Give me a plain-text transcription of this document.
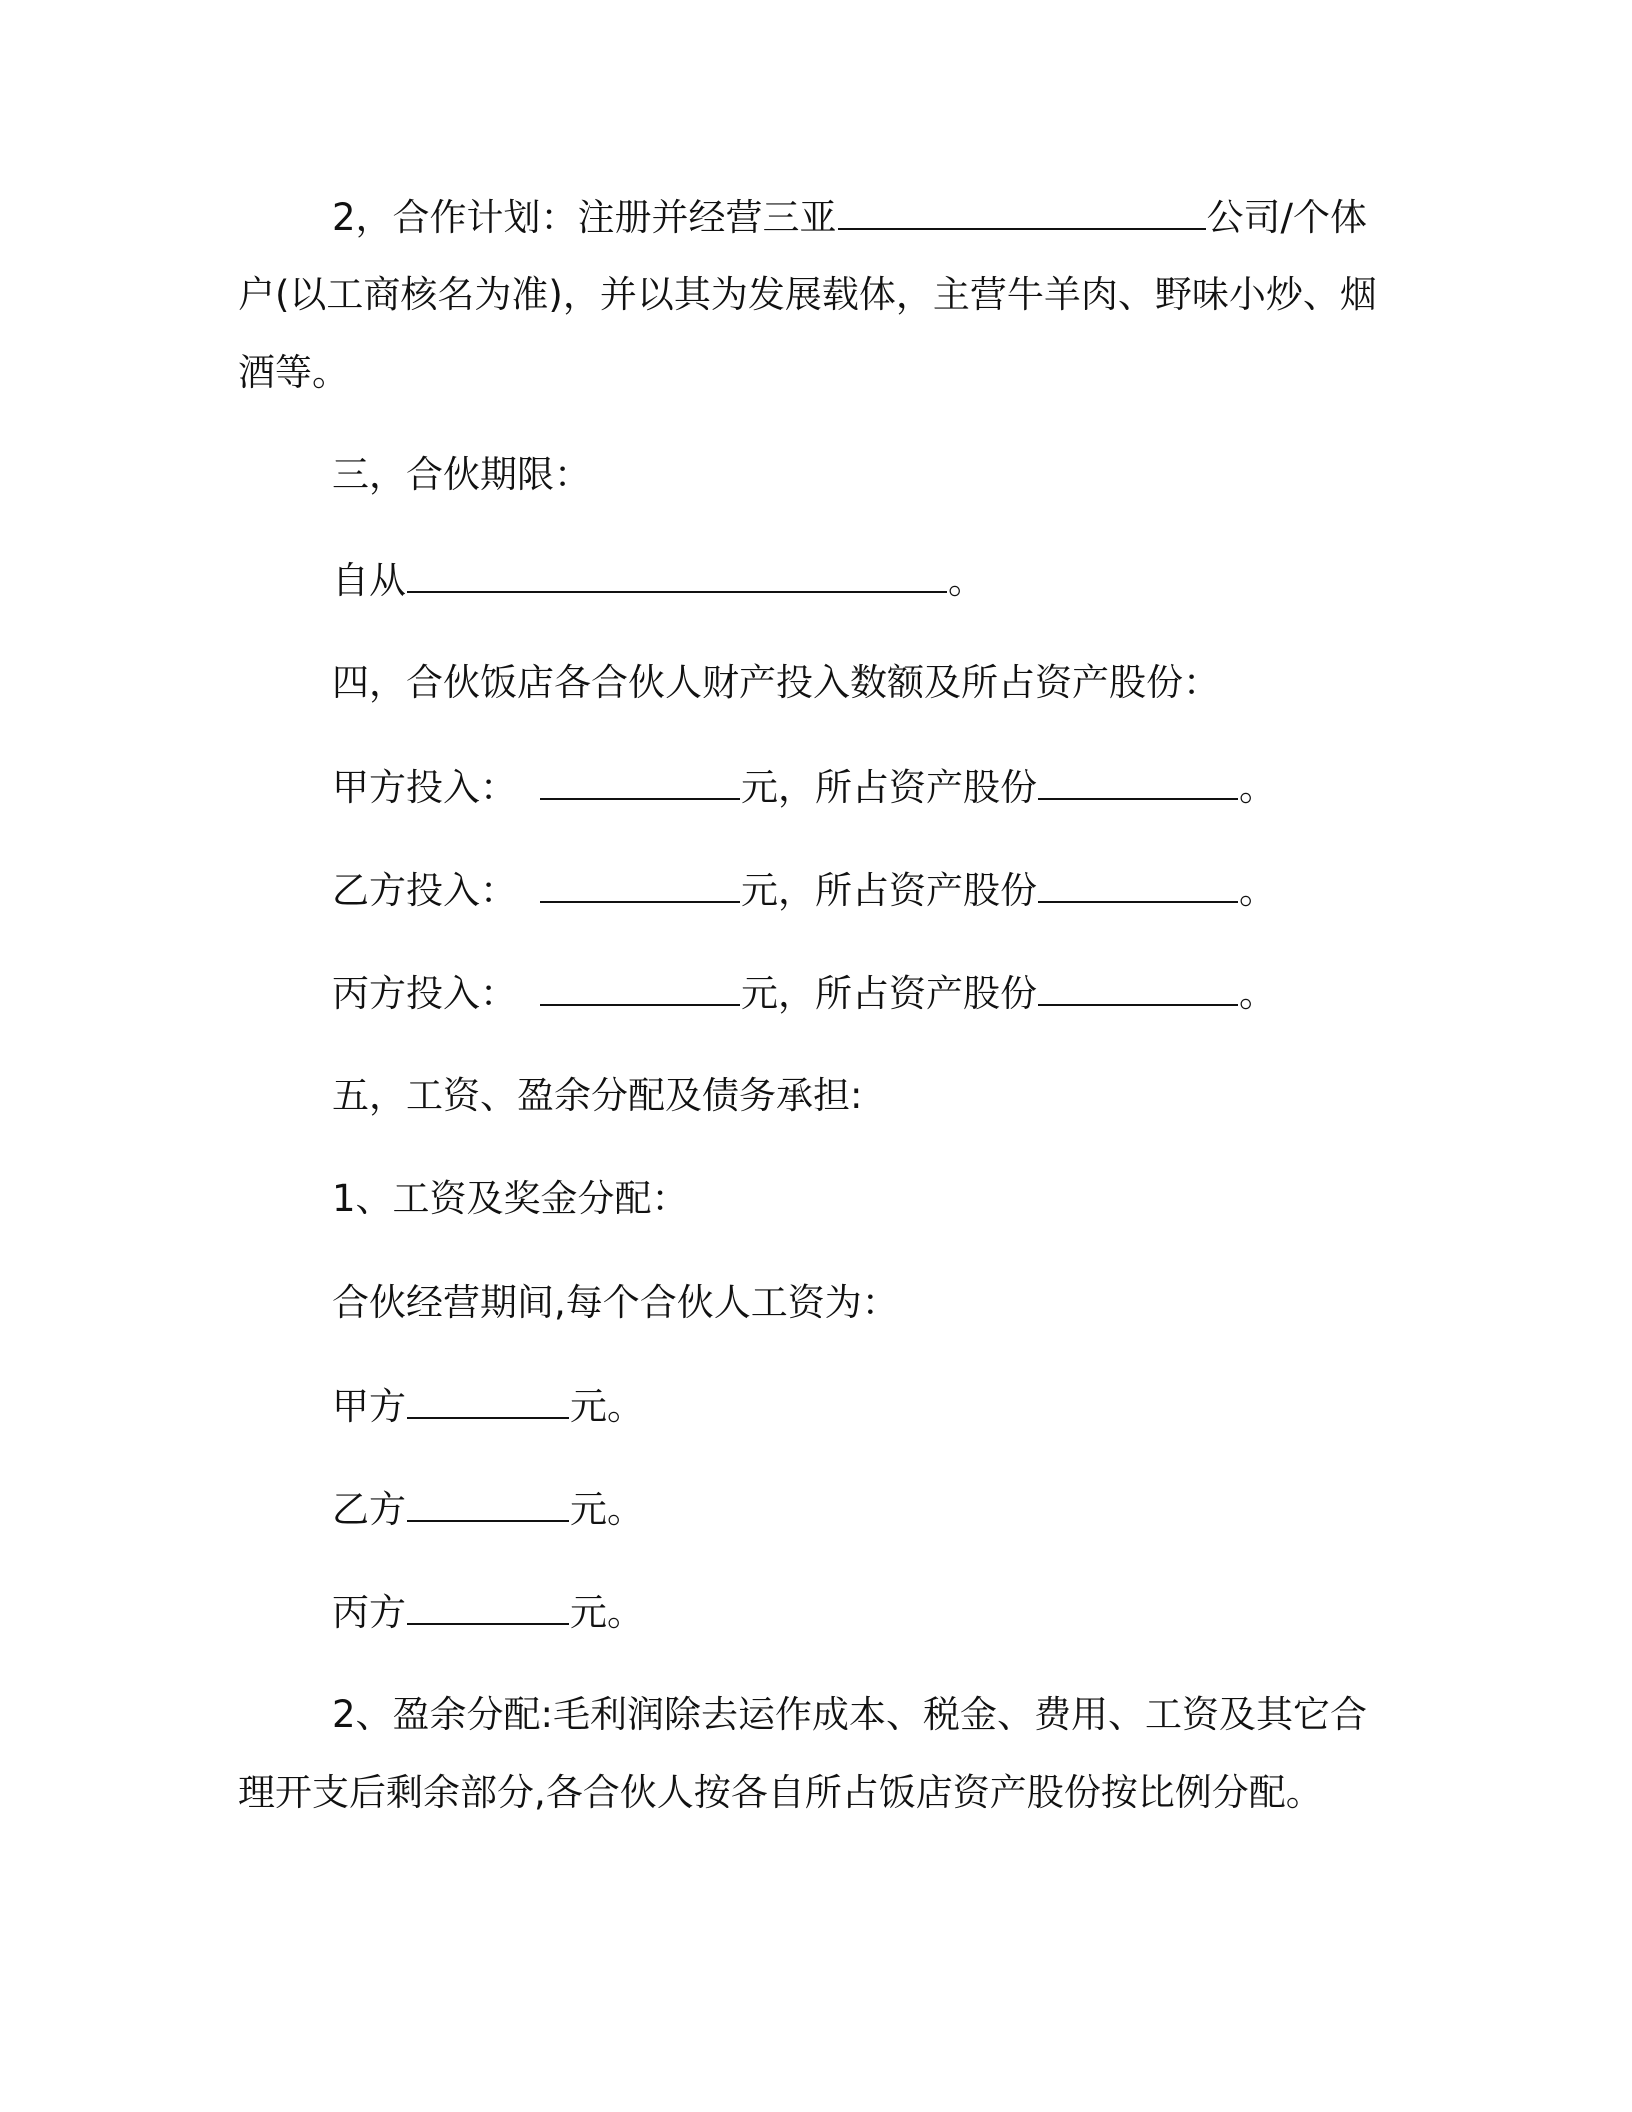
2，合作计划：注册并经营三亚	公司/个体
户(以工商核名为准)，并以其为发展载体，主营牛羊肉、野味小炒、烟
酒等。
三，合伙期限：
自从	。
四，合伙饭店各合伙人财产投入数额及所占资产股份：
甲方投入：	元，所占资产股份	。
乙方投入：	元，所占资产股份	。
丙方投入：	元，所占资产股份	。
五，工资、盈余分配及债务承担:
1、工资及奖金分配：
合伙经营期间,每个合伙人工资为：
甲方	元。
乙方	元。
丙方	元。
2、盈余分配:毛利润除去运作成本、税金、费用、工资及其它合
理开支后剩余部分,各合伙人按各自所占饭店资产股份按比例分配。
